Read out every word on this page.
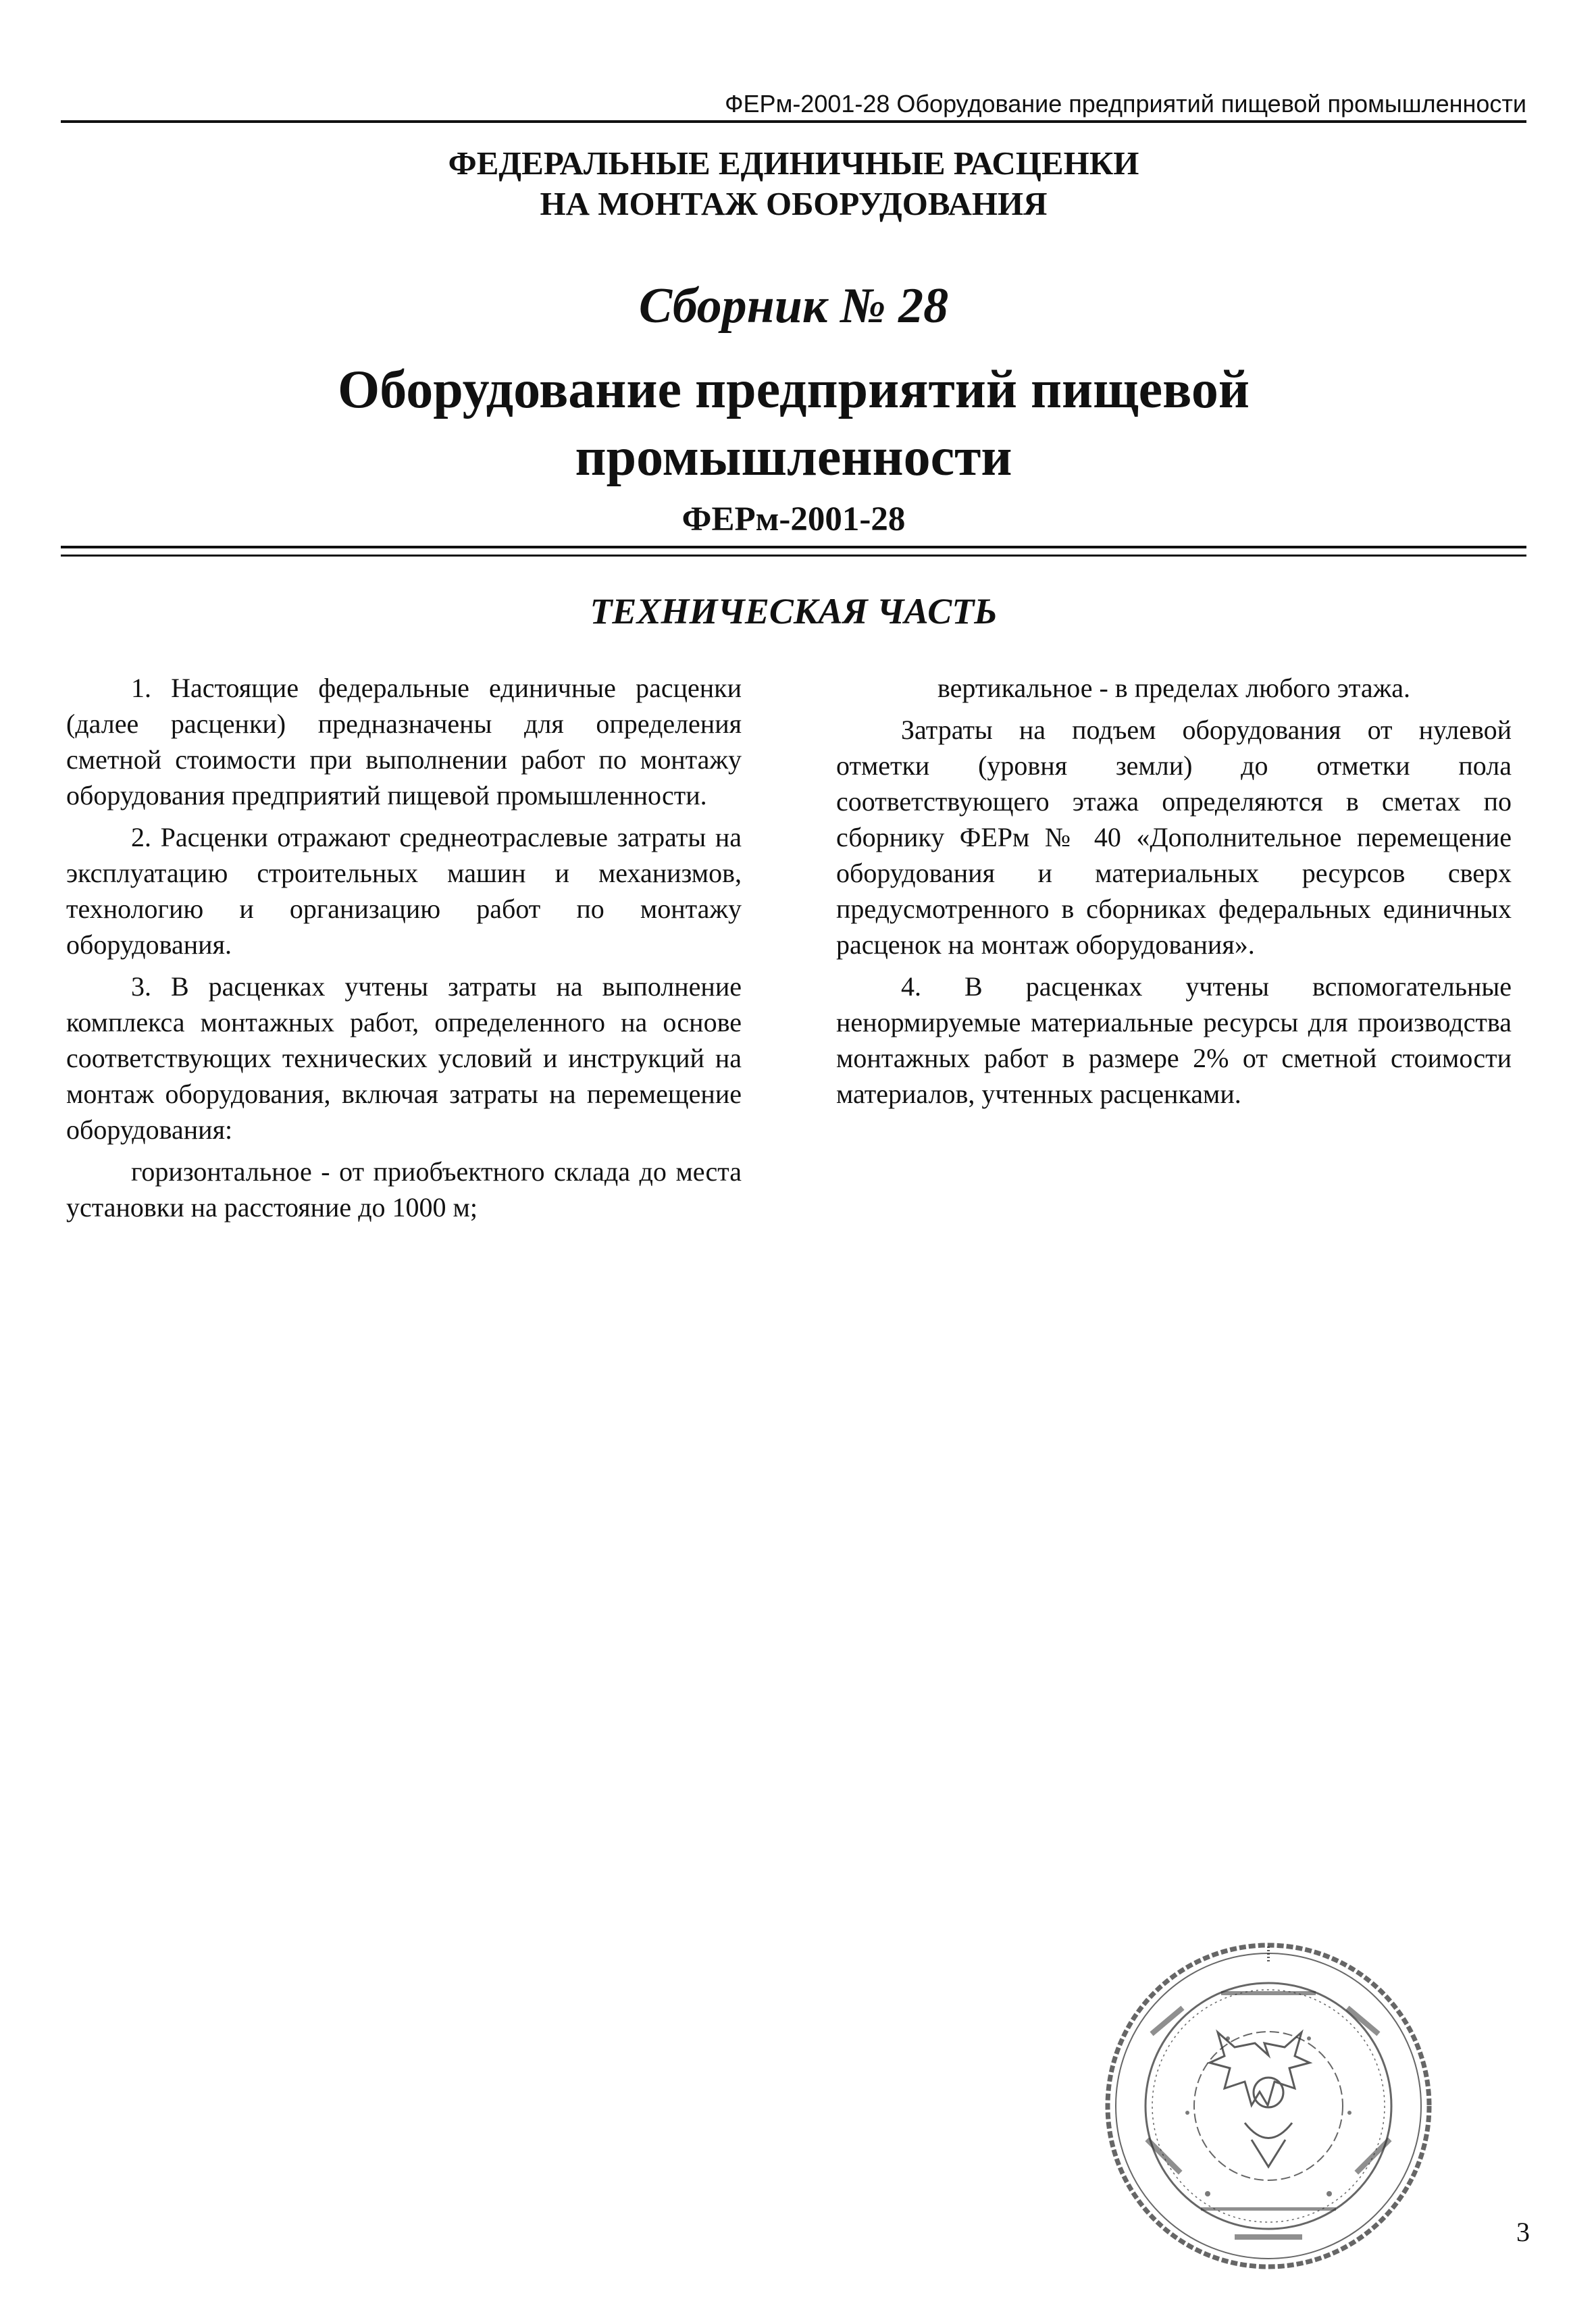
ФЕРм-2001-28 Оборудование предприятий пищевой промышленности
ФЕДЕРАЛЬНЫЕ ЕДИНИЧНЫЕ РАСЦЕНКИ
НА МОНТАЖ ОБОРУДОВАНИЯ
Сборник № 28
Оборудование предприятий пищевой
промышленности
ФЕРм-2001-28
ТЕХНИЧЕСКАЯ ЧАСТЬ

1. Настоящие федеральные единичные расценки (далее расценки) предназначены для определения сметной стоимости при выполнении работ по монтажу оборудования предприятий пищевой промышленности.

2. Расценки отражают среднеотраслевые затраты на эксплуатацию строительных машин и механизмов, технологию и организацию работ по монтажу оборудования.

3. В расценках учтены затраты на выполнение комплекса монтажных работ, определенного на основе соответствующих технических условий и инструкций на монтаж оборудования, включая затраты на перемещение оборудования:

горизонтальное - от приобъектного склада до места установки на расстояние до 1000 м;

вертикальное - в пределах любого этажа.

Затраты на подъем оборудования от нулевой отметки (уровня земли) до отметки пола соответствующего этажа определяются в сметах по сборнику ФЕРм № 40 «Дополнительное перемещение оборудования и материальных ресурсов сверх предусмотренного в сборниках федеральных единичных расценок на монтаж оборудования».

4. В расценках учтены вспомогательные ненормируемые материальные ресурсы для производства монтажных работ в размере 2% от сметной стоимости материалов, учтенных расценками.

3
